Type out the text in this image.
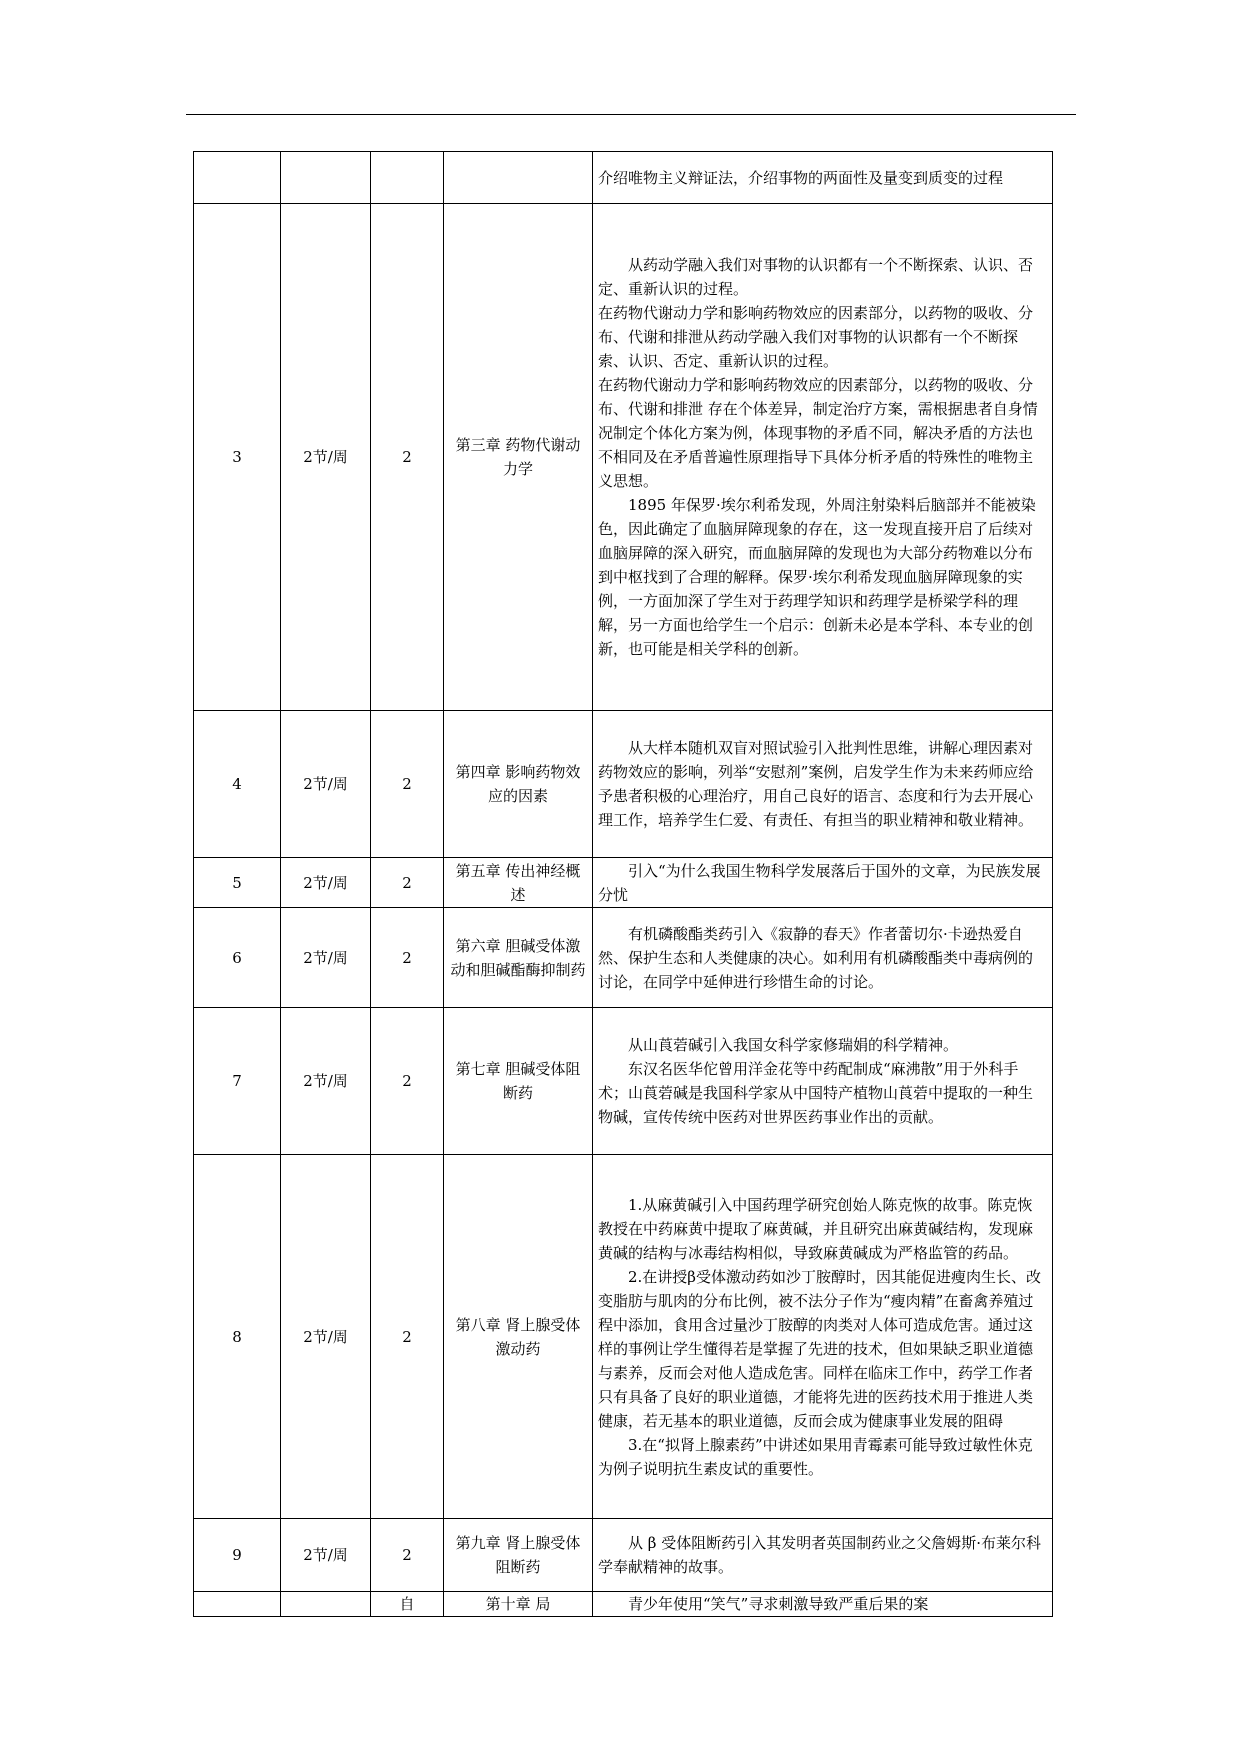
				介绍唯物主义辩证法，介绍事物的两面性及量变到质变的过程

3	2节/周	2	第三章 药物代谢动力学	从药动学融入我们对事物的认识都有一个不断探索、认识、否定、重新认识的过程。

在药物代谢动力学和影响药物效应的因素部分，以药物的吸收、分布、代谢和排泄从药动学融入我们对事物的认识都有一个不断探索、认识、否定、重新认识的过程。

在药物代谢动力学和影响药物效应的因素部分，以药物的吸收、分布、代谢和排泄 存在个体差异，制定治疗方案，需根据患者自身情况制定个体化方案为例，体现事物的矛盾不同，解决矛盾的方法也不相同及在矛盾普遍性原理指导下具体分析矛盾的特殊性的唯物主义思想。

1895 年保罗·埃尔利希发现，外周注射染料后脑部并不能被染色，因此确定了血脑屏障现象的存在，这一发现直接开启了后续对血脑屏障的深入研究，而血脑屏障的发现也为大部分药物难以分布到中枢找到了合理的解释。保罗·埃尔利希发现血脑屏障现象的实例，一方面加深了学生对于药理学知识和药理学是桥梁学科的理解，另一方面也给学生一个启示：创新未必是本学科、本专业的创新，也可能是相关学科的创新。

4	2节/周	2	第四章 影响药物效应的因素	从大样本随机双盲对照试验引入批判性思维，讲解心理因素对药物效应的影响，列举“安慰剂”案例，启发学生作为未来药师应给予患者积极的心理治疗，用自己良好的语言、态度和行为去开展心理工作，培养学生仁爱、有责任、有担当的职业精神和敬业精神。

5	2节/周	2	第五章 传出神经概述	引入“为什么我国生物科学发展落后于国外的文章，为民族发展分忧

6	2节/周	2	第六章 胆碱受体激动和胆碱酯酶抑制药	有机磷酸酯类药引入《寂静的春天》作者蕾切尔·卡逊热爱自然、保护生态和人类健康的决心。如利用有机磷酸酯类中毒病例的讨论，在同学中延伸进行珍惜生命的讨论。

7	2节/周	2	第七章 胆碱受体阻断药	从山莨菪碱引入我国女科学家修瑞娟的科学精神。

东汉名医华佗曾用洋金花等中药配制成“麻沸散”用于外科手术；山莨菪碱是我国科学家从中国特产植物山莨菪中提取的一种生物碱，宣传传统中医药对世界医药事业作出的贡献。

8	2节/周	2	第八章 肾上腺受体激动药	1.从麻黄碱引入中国药理学研究创始人陈克恢的故事。陈克恢教授在中药麻黄中提取了麻黄碱，并且研究出麻黄碱结构，发现麻黄碱的结构与冰毒结构相似，导致麻黄碱成为严格监管的药品。

2.在讲授β受体激动药如沙丁胺醇时，因其能促进瘦肉生长、改变脂肪与肌肉的分布比例，被不法分子作为“瘦肉精”在畜禽养殖过程中添加，食用含过量沙丁胺醇的肉类对人体可造成危害。通过这样的事例让学生懂得若是掌握了先进的技术，但如果缺乏职业道德与素养，反而会对他人造成危害。同样在临床工作中，药学工作者只有具备了良好的职业道德，才能将先进的医药技术用于推进人类健康，若无基本的职业道德，反而会成为健康事业发展的阻碍

3.在“拟肾上腺素药”中讲述如果用青霉素可能导致过敏性休克为例子说明抗生素皮试的重要性。

9	2节/周	2	第九章 肾上腺受体阻断药	从 β 受体阻断药引入其发明者英国制药业之父詹姆斯·布莱尔科学奉献精神的故事。

		自	第十章 局	青少年使用“笑气”寻求刺激导致严重后果的案
